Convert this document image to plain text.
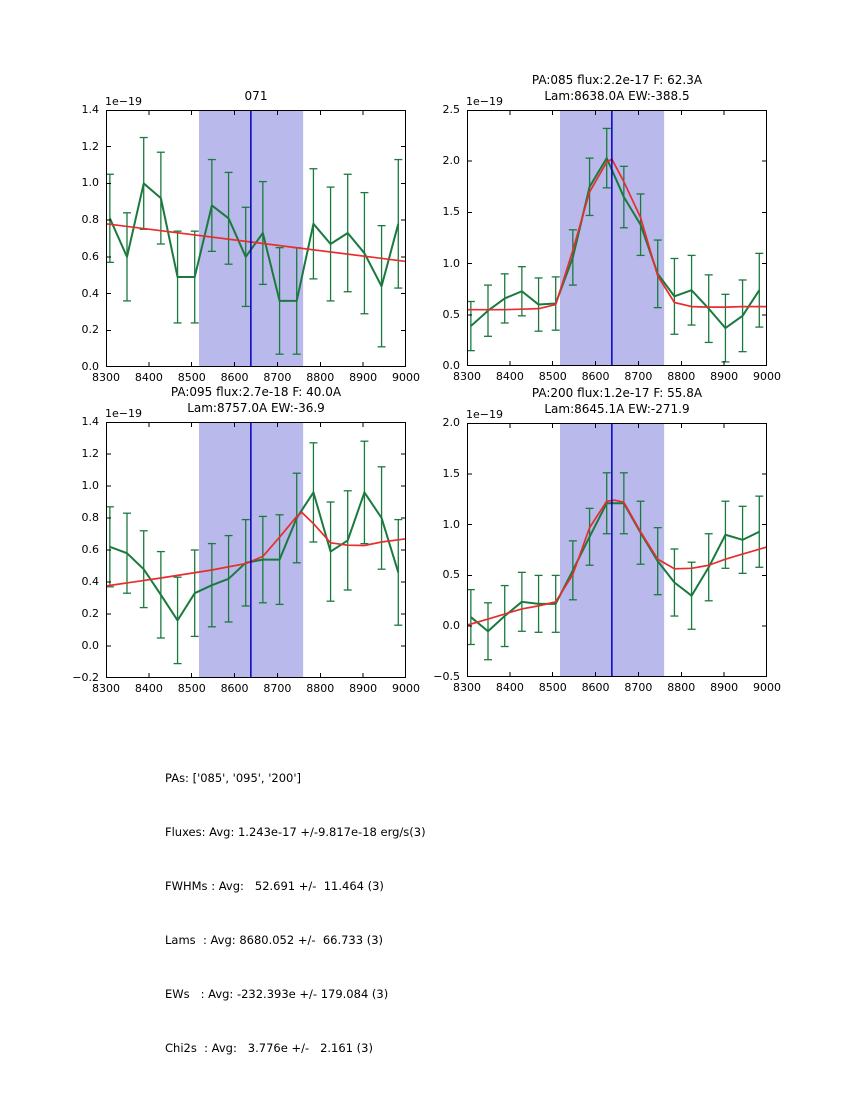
071
1e−19
8300	8400	8500	8600	8700	8800	8900	9000
0.0
0.2
0.4
0.6
0.8
1.0
1.2
1.4
PA:085 flux:2.2e-17 F: 62.3A
Lam:8638.0A EW:-388.5
1e−19
8300	8400	8500	8600	8700	8800	8900	9000
0.0
0.5
1.0
1.5
2.0
2.5
PA:095 flux:2.7e-18 F: 40.0A
Lam:8757.0A EW:-36.9
1e−19
8300	8400	8500	8600	8700	8800	8900	9000
−0.2
0.0
0.2
0.4
0.6
0.8
1.0
1.2
1.4
PA:200 flux:1.2e-17 F: 55.8A
Lam:8645.1A EW:-271.9
1e−19
8300	8400	8500	8600	8700	8800	8900	9000
−0.5
0.0
0.5
1.0
1.5
2.0

PAs: ['085', '095', '200']

Fluxes: Avg: 1.243e-17 +/-9.817e-18 erg/s(3)

FWHMs : Avg:   52.691 +/-  11.464 (3)

Lams  : Avg: 8680.052 +/-  66.733 (3)

EWs   : Avg: -232.393e +/- 179.084 (3)

Chi2s  : Avg:   3.776e +/-   2.161 (3)
